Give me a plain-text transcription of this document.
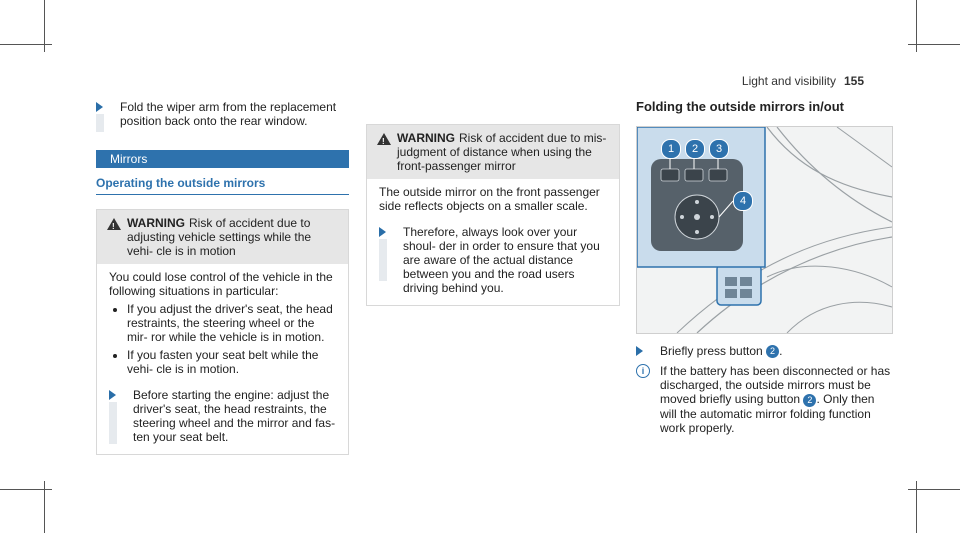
Light and visibility 155
Fold the wiper arm from the replacement position back onto the rear window.
Mirrors
Operating the outside mirrors
!
WARNING Risk of accident due to adjusting vehicle settings while the vehi- cle is in motion
You could lose control of the vehicle in the following situations in particular:
• If you adjust the driver's seat, the head restraints, the steering wheel or the mir- ror while the vehicle is in motion.
• If you fasten your seat belt while the vehi- cle is in motion.
Before starting the engine: adjust the driver's seat, the head restraints, the steering wheel and the mirror and fas- ten your seat belt.
!
WARNING Risk of accident due to mis- judgment of distance when using the front-passenger mirror
The outside mirror on the front passenger side reflects objects on a smaller scale.
Therefore, always look over your shoul- der in order to ensure that you are aware of the actual distance between you and the road users driving behind you.
Folding the outside mirrors in/out
1	2	3
4
Briefly press button 2 .
i	If the battery has been disconnected or has discharged, the outside mirrors must be moved briefly using button 2 . Only then will the automatic mirror folding function work properly.
